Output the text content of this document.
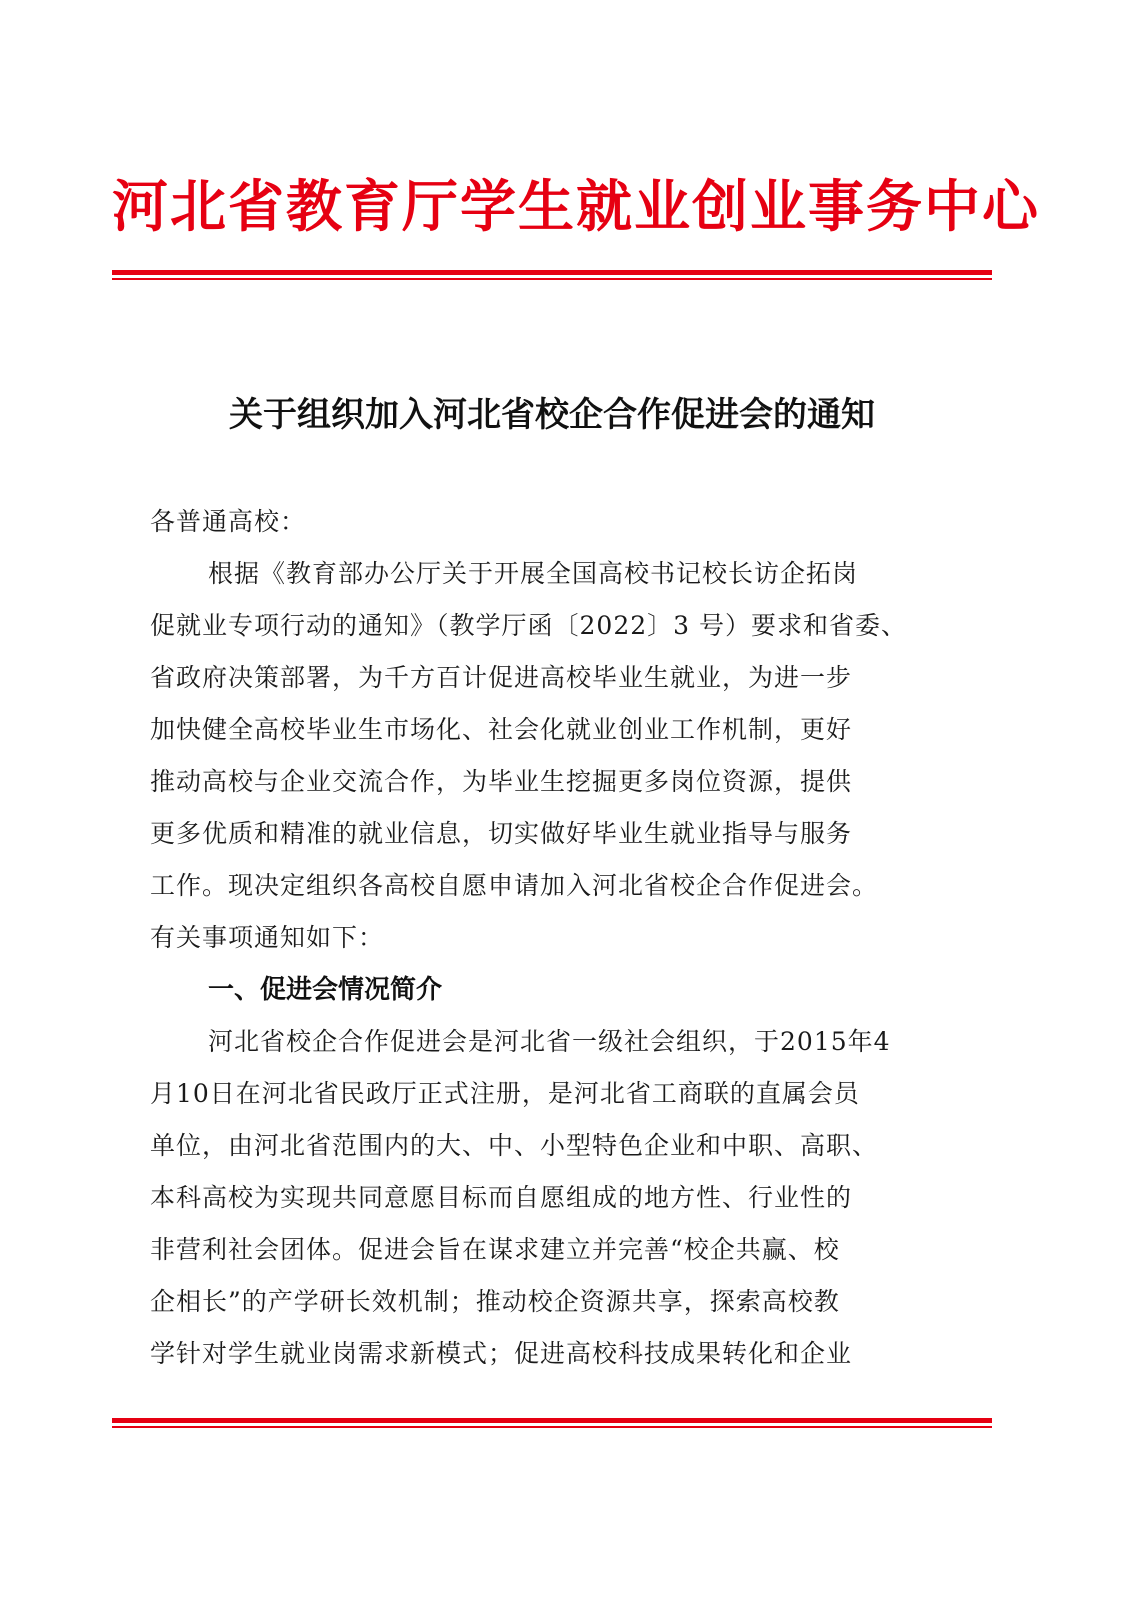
河北省教育厅学生就业创业事务中心
关于组织加入河北省校企合作促进会的通知
各普通高校：
根据《教育部办公厅关于开展全国高校书记校长访企拓岗
促就业专项行动的通知》（教学厅函〔2022〕3 号）要求和省委、
省政府决策部署，为千方百计促进高校毕业生就业，为进一步
加快健全高校毕业生市场化、社会化就业创业工作机制，更好
推动高校与企业交流合作，为毕业生挖掘更多岗位资源，提供
更多优质和精准的就业信息，切实做好毕业生就业指导与服务
工作。现决定组织各高校自愿申请加入河北省校企合作促进会。
有关事项通知如下：
一、促进会情况简介
河北省校企合作促进会是河北省一级社会组织，于2015年4
月10日在河北省民政厅正式注册，是河北省工商联的直属会员
单位，由河北省范围内的大、中、小型特色企业和中职、高职、
本科高校为实现共同意愿目标而自愿组成的地方性、行业性的
非营利社会团体。促进会旨在谋求建立并完善“校企共赢、校
企相长”的产学研长效机制；推动校企资源共享，探索高校教
学针对学生就业岗需求新模式；促进高校科技成果转化和企业
